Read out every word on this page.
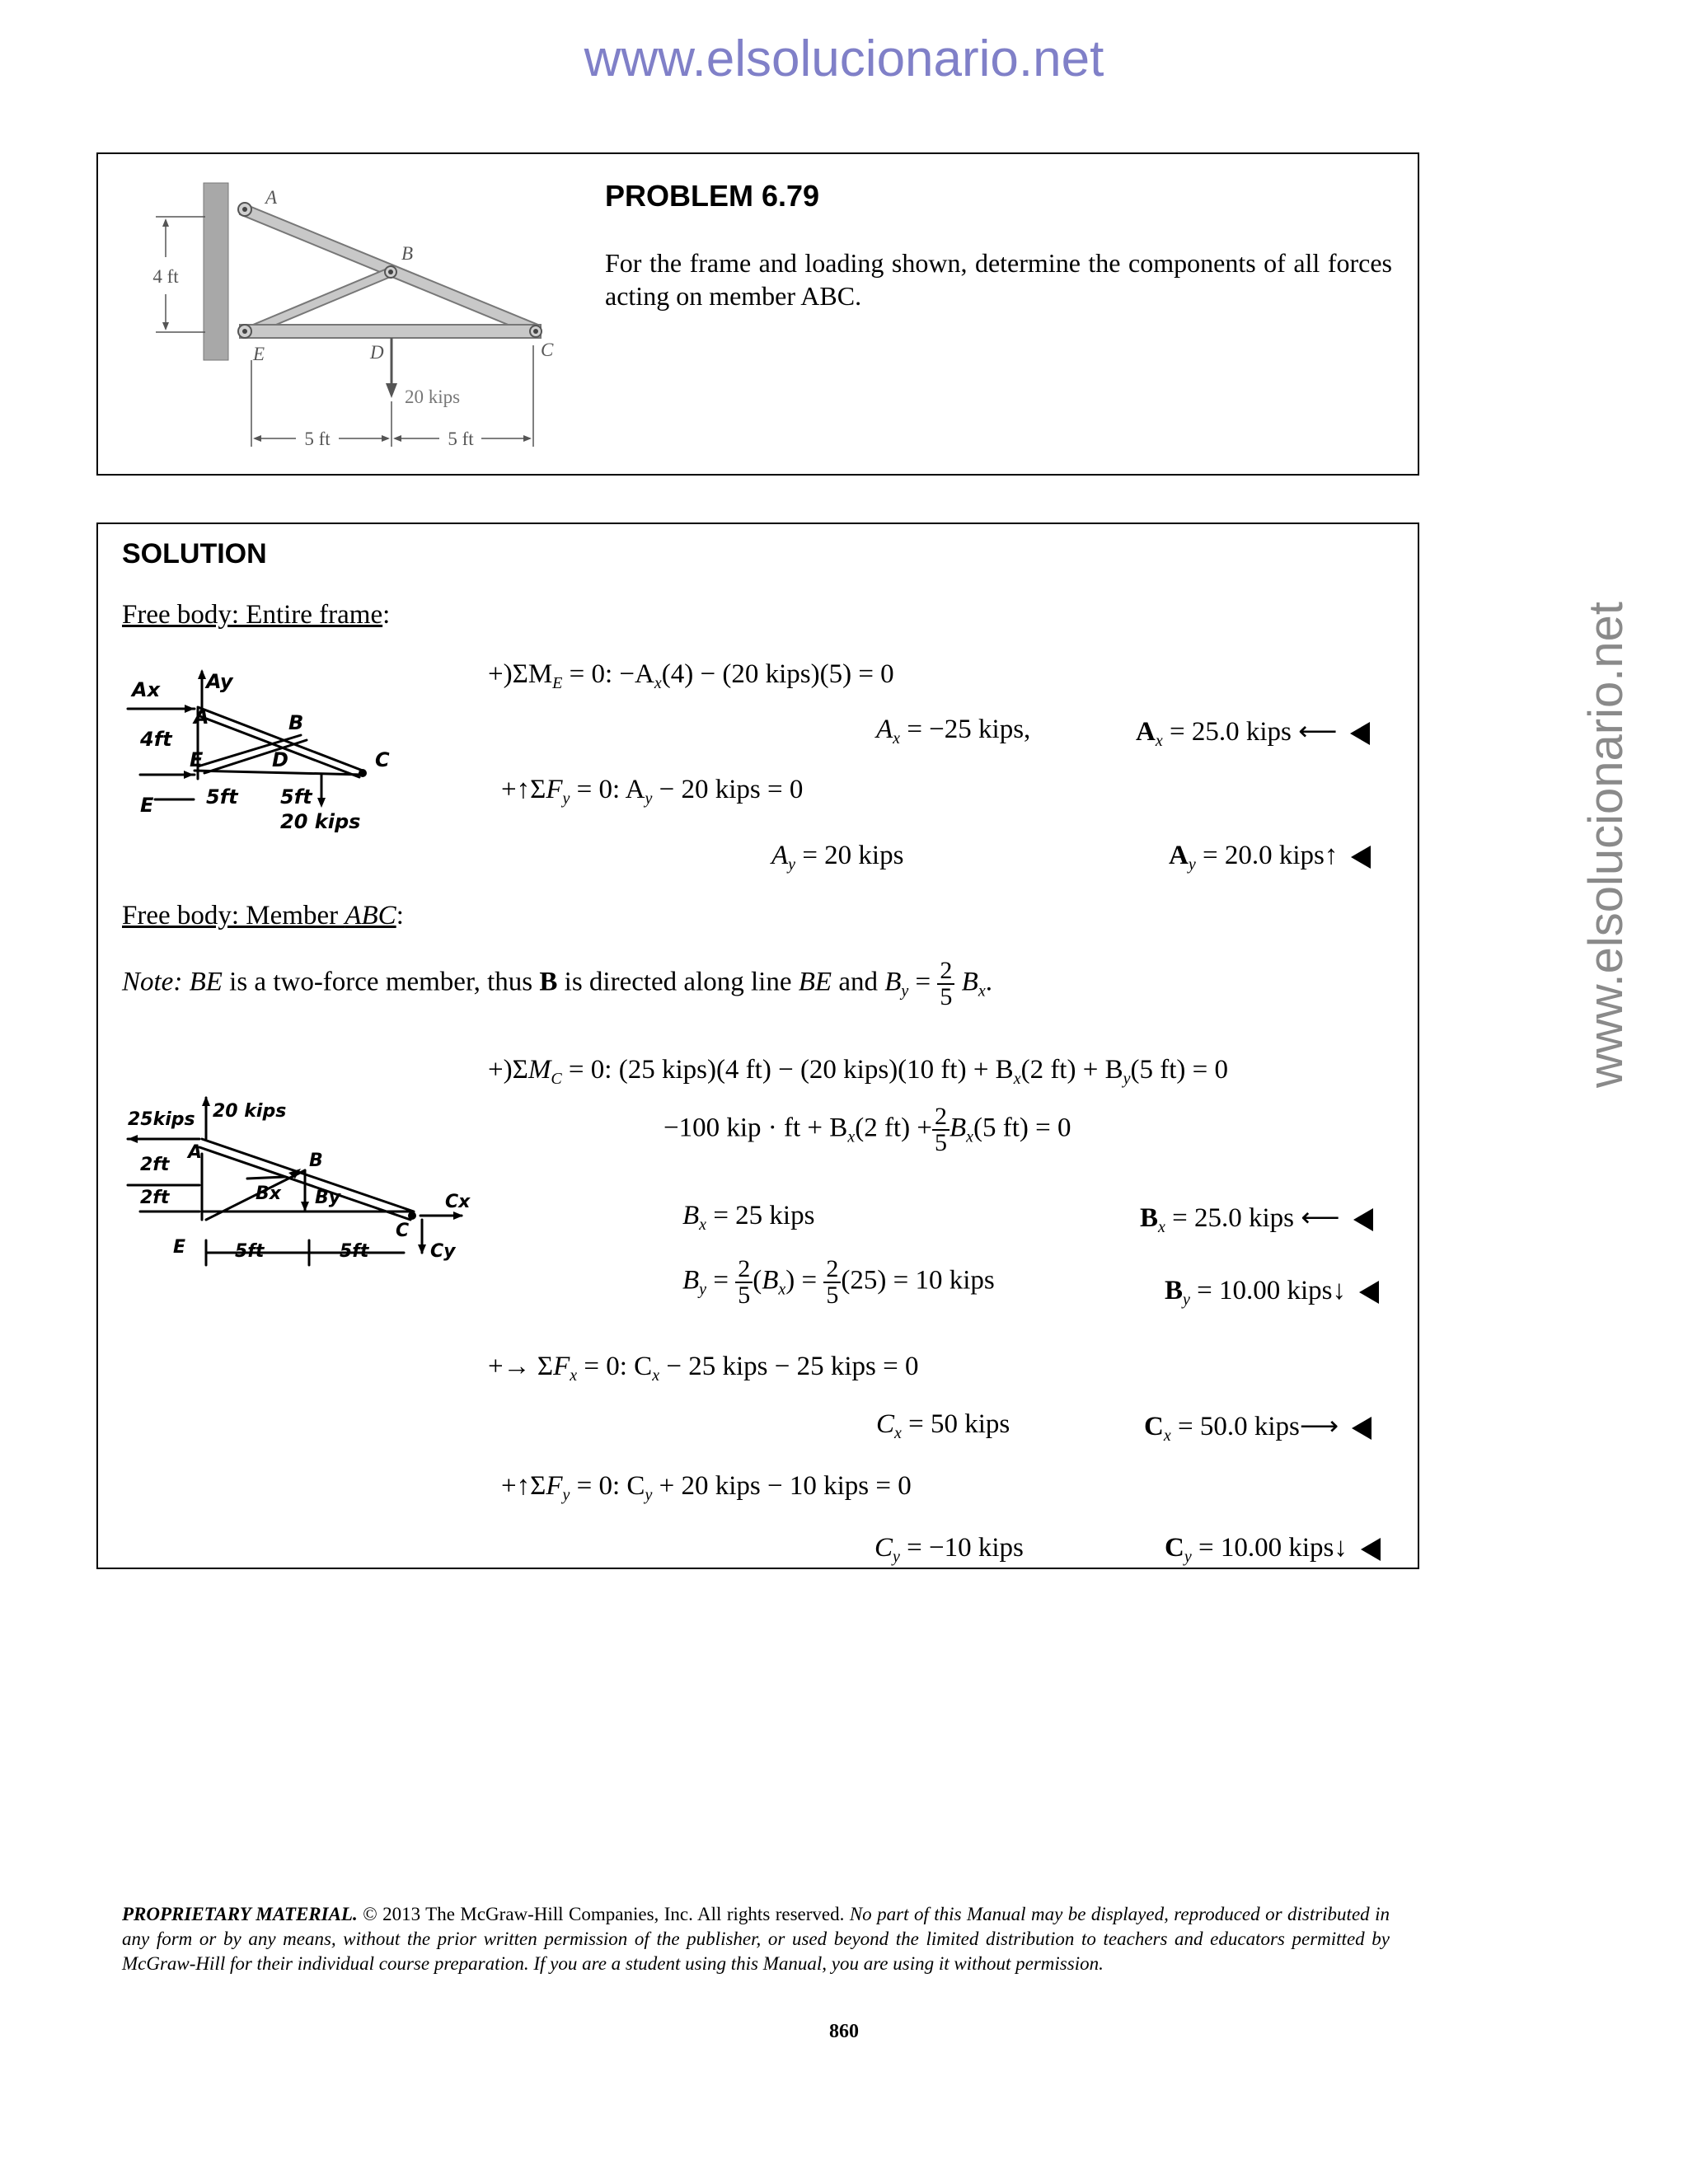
www.elsolucionario.net
www.elsolucionario.net
4 ft
A
B
C
D
E
20 kips
5 ft	5 ft
PROBLEM 6.79
For the frame and loading shown, determine the components of all forces acting on member ABC.
SOLUTION
Free body: Entire frame:
Ax Ay
A	B
C
D
E
E
4ft
5ft 5ft
20 kips
$+)\Sigma M_E = 0$: $-A_x(4) - (20$ kips)(5) = 0
$A_x = -25$ kips,	$A_x = 25.0$ kips ⟵
$+↑\Sigma F_y = 0$: $A_y - 20$ kips = 0
$A_y = 20$ kips	$A_y = 20.0$ kips↑
Free body: Member ABC:
Note: BE is a two-force member, thus B is directed along line BE and $B_y = \frac{2}{5} B_x$.
25kips 20 kips
A	B
C
E
2ft
2ft
5ft	5ft
Bx By	Cx
Cy
$+)\Sigma M_C = 0$: (25 kips)(4 ft) − (20 kips)(10 $ft) + B_x(2$ $ft) + B_y(5$ ft) = 0
−100 kip · ft + $B_x(2$ $ft) + \frac{2}{5} B_x(5$ ft) = 0
$B_x = 25$ kips	$B_x = 25.0$ kips ⟵
$B_y = \frac{2}{5} (B_x) = \frac{2}{5} (25) = 10$ kips	$B_y = 10.00$ kips↓
+→ $\Sigma F_x = 0$: $C_x - 25$ kips − 25 kips = 0
$C_x = 50$ kips	$C_x = 50.0$ kips⟶
$+↑\Sigma F_y = 0$: $C_y + 20$ kips − 10 kips = 0
$C_y = -10$ kips	$C_y = 10.00$ kips↓
PROPRIETARY MATERIAL. © 2013 The McGraw-Hill Companies, Inc. All rights reserved. No part of this Manual may be displayed, reproduced or distributed in any form or by any means, without the prior written permission of the publisher, or used beyond the limited distribution to teachers and educators permitted by McGraw-Hill for their individual course preparation. If you are a student using this Manual, you are using it without permission.
860
